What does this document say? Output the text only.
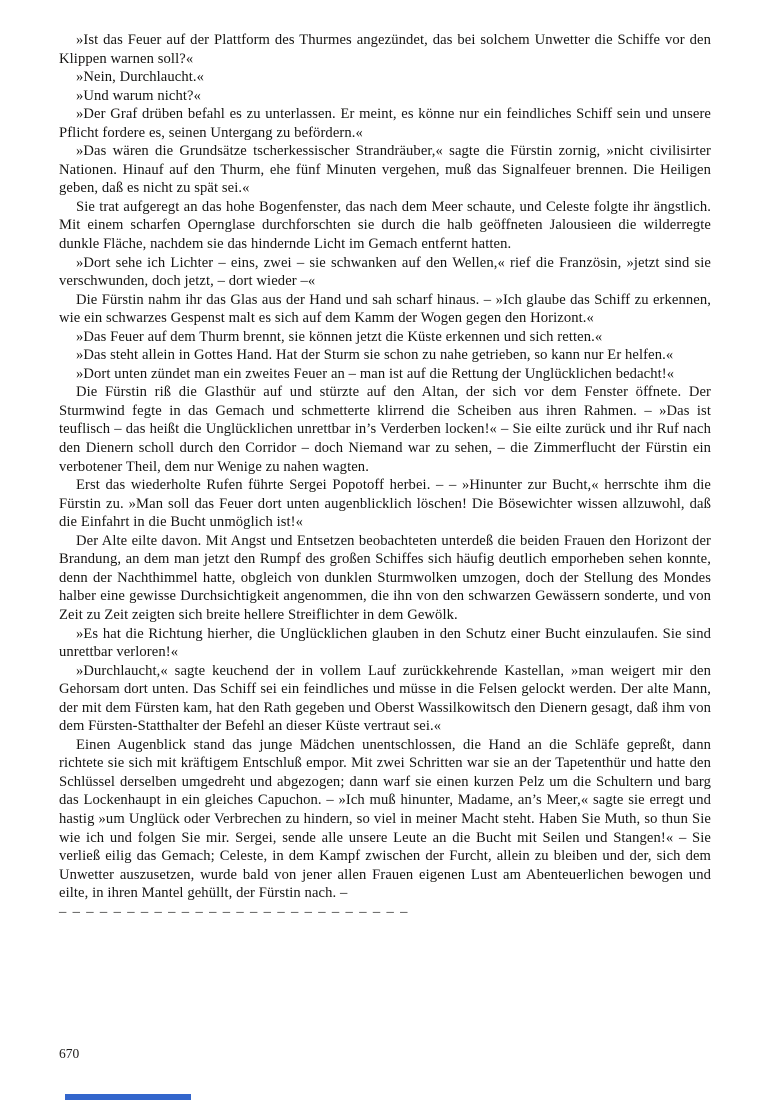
»Ist das Feuer auf der Plattform des Thurmes angezündet, das bei solchem Unwetter die Schiffe vor den Klippen warnen soll?«

»Nein, Durchlaucht.«

»Und warum nicht?«

»Der Graf drüben befahl es zu unterlassen. Er meint, es könne nur ein feindliches Schiff sein und unsere Pflicht fordere es, seinen Untergang zu befördern.«

»Das wären die Grundsätze tscherkessischer Strandräuber,« sagte die Fürstin zornig, »nicht civilisirter Nationen. Hinauf auf den Thurm, ehe fünf Minuten vergehen, muß das Signalfeuer brennen. Die Heiligen geben, daß es nicht zu spät sei.«

Sie trat aufgeregt an das hohe Bogenfenster, das nach dem Meer schaute, und Celeste folgte ihr ängstlich. Mit einem scharfen Opernglase durchforschten sie durch die halb geöffneten Jalousieen die wilderregte dunkle Fläche, nachdem sie das hindernde Licht im Gemach entfernt hatten.

»Dort sehe ich Lichter – eins, zwei – sie schwanken auf den Wellen,« rief die Französin, »jetzt sind sie verschwunden, doch jetzt, – dort wieder –«

Die Fürstin nahm ihr das Glas aus der Hand und sah scharf hinaus. – »Ich glaube das Schiff zu erkennen, wie ein schwarzes Gespenst malt es sich auf dem Kamm der Wogen gegen den Horizont.«

»Das Feuer auf dem Thurm brennt, sie können jetzt die Küste erkennen und sich retten.«

»Das steht allein in Gottes Hand. Hat der Sturm sie schon zu nahe getrieben, so kann nur Er helfen.«

»Dort unten zündet man ein zweites Feuer an – man ist auf die Rettung der Unglücklichen bedacht!«

Die Fürstin riß die Glasthür auf und stürzte auf den Altan, der sich vor dem Fenster öffnete. Der Sturmwind fegte in das Gemach und schmetterte klirrend die Scheiben aus ihren Rahmen. – »Das ist teuflisch – das heißt die Unglücklichen unrettbar in’s Verderben locken!« – Sie eilte zurück und ihr Ruf nach den Dienern scholl durch den Corridor – doch Niemand war zu sehen, – die Zimmerflucht der Fürstin ein verbotener Theil, dem nur Wenige zu nahen wagten.

Erst das wiederholte Rufen führte Sergei Popotoff herbei. – – »Hinunter zur Bucht,« herrschte ihm die Fürstin zu. »Man soll das Feuer dort unten augenblicklich löschen! Die Bösewichter wissen allzuwohl, daß die Einfahrt in die Bucht unmöglich ist!«

Der Alte eilte davon. Mit Angst und Entsetzen beobachteten unterdeß die beiden Frauen den Horizont der Brandung, an dem man jetzt den Rumpf des großen Schiffes sich häufig deutlich emporheben sehen konnte, denn der Nachthimmel hatte, obgleich von dunklen Sturmwolken umzogen, doch der Stellung des Mondes halber eine gewisse Durchsichtigkeit angenommen, die ihn von den schwarzen Gewässern sonderte, und von Zeit zu Zeit zeigten sich breite hellere Streiflichter in dem Gewölk.

»Es hat die Richtung hierher, die Unglücklichen glauben in den Schutz einer Bucht einzulaufen. Sie sind unrettbar verloren!«

»Durchlaucht,« sagte keuchend der in vollem Lauf zurückkehrende Kastellan, »man weigert mir den Gehorsam dort unten. Das Schiff sei ein feindliches und müsse in die Felsen gelockt werden. Der alte Mann, der mit dem Fürsten kam, hat den Rath gegeben und Oberst Wassilkowitsch den Dienern gesagt, daß ihm von dem Fürsten-Statthalter der Befehl an dieser Küste vertraut sei.«

Einen Augenblick stand das junge Mädchen unentschlossen, die Hand an die Schläfe gepreßt, dann richtete sie sich mit kräftigem Entschluß empor. Mit zwei Schritten war sie an der Tapetenthür und hatte den Schlüssel derselben umgedreht und abgezogen; dann warf sie einen kurzen Pelz um die Schultern und barg das Lockenhaupt in ein gleiches Capuchon. – »Ich muß hinunter, Madame, an’s Meer,« sagte sie erregt und hastig »um Unglück oder Verbrechen zu hindern, so viel in meiner Macht steht. Haben Sie Muth, so thun Sie wie ich und folgen Sie mir. Sergei, sende alle unsere Leute an die Bucht mit Seilen und Stangen!« – Sie verließ eilig das Gemach; Celeste, in dem Kampf zwischen der Furcht, allein zu bleiben und der, sich dem Unwetter auszusetzen, wurde bald von jener allen Frauen eigenen Lust am Abenteuerlichen bewogen und eilte, in ihren Mantel gehüllt, der Fürstin nach. –

– – – – – – – – – – – – – – – – – – – – – – – – – –

670
